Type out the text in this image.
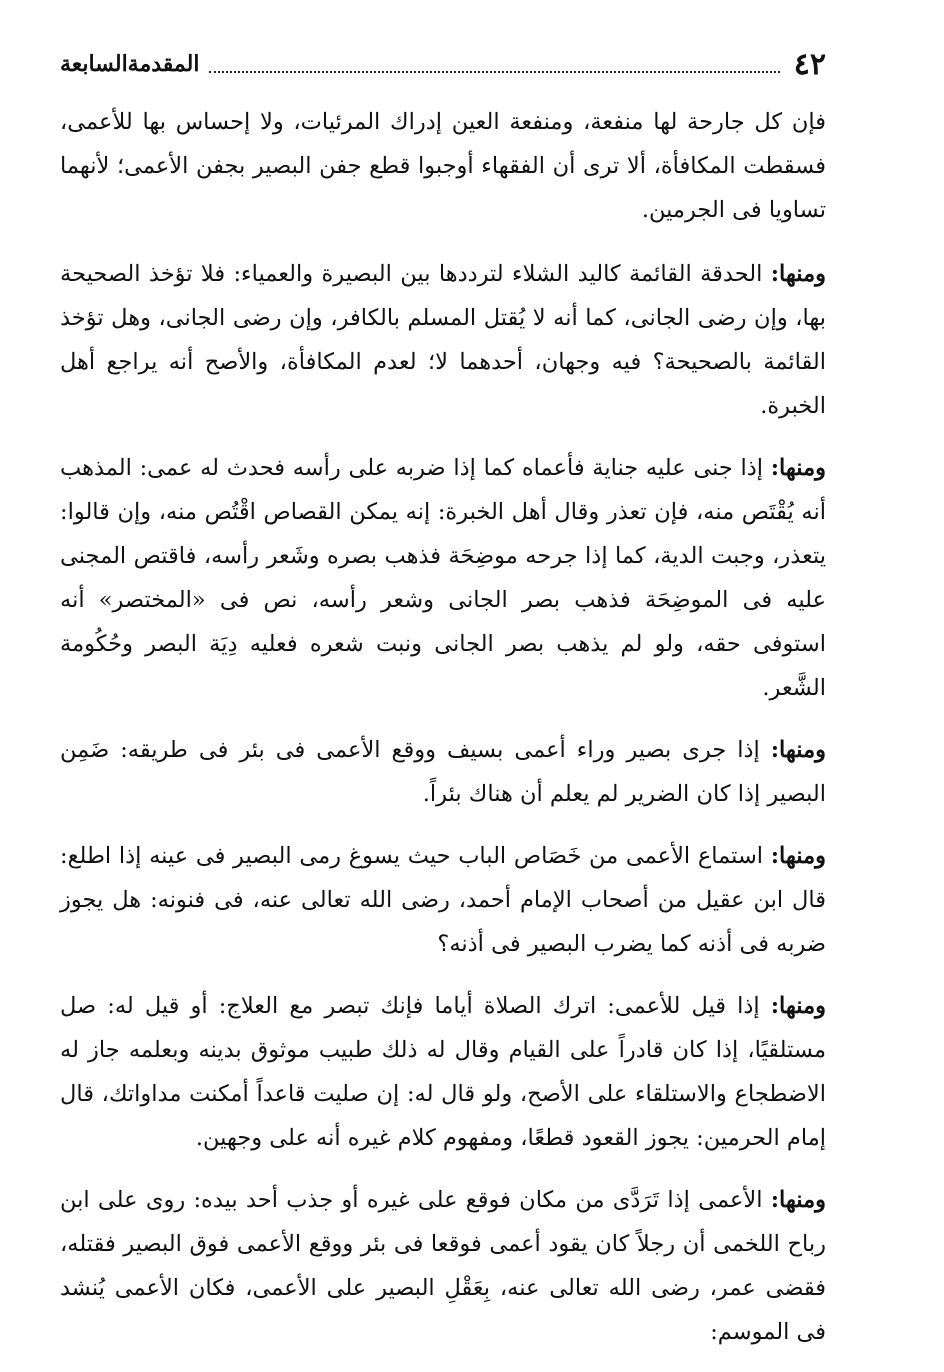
٤٢
المقدمةالسابعة

فإن كل جارحة لها منفعة، ومنفعة العين إدراك المرئيات، ولا إحساس بها للأعمى، فسقطت المكافأة، ألا ترى أن الفقهاء أوجبوا قطع جفن البصير بجفن الأعمى؛ لأنهما تساويا فى الجرمين.

ومنها: الحدقة القائمة كاليد الشلاء لترددها بين البصيرة والعمياء: فلا تؤخذ الصحيحة بها، وإن رضى الجانى، كما أنه لا يُقتل المسلم بالكافر، وإن رضى الجانى، وهل تؤخذ القائمة بالصحيحة؟ فيه وجهان، أحدهما لا؛ لعدم المكافأة، والأصح أنه يراجع أهل الخبرة.

ومنها: إذا جنى عليه جناية فأعماه كما إذا ضربه على رأسه فحدث له عمى: المذهب أنه يُقْتَص منه، فإن تعذر وقال أهل الخبرة: إنه يمكن القصاص اقْتُص منه، وإن قالوا: يتعذر، وجبت الدية، كما إذا جرحه موضِحَة فذهب بصره وشَعر رأسه، فاقتص المجنى عليه فى الموضِحَة فذهب بصر الجانى وشعر رأسه، نص فى «المختصر» أنه استوفى حقه، ولو لم يذهب بصر الجانى ونبت شعره فعليه دِيَة البصر وحُكُومة الشَّعر.

ومنها: إذا جرى بصير وراء أعمى بسيف ووقع الأعمى فى بئر فى طريقه: ضَمِن البصير إذا كان الضرير لم يعلم أن هناك بئراً.

ومنها: استماع الأعمى من خَصَاص الباب حيث يسوغ رمى البصير فى عينه إذا اطلع: قال ابن عقيل من أصحاب الإمام أحمد، رضى الله تعالى عنه، فى فنونه: هل يجوز ضربه فى أذنه كما يضرب البصير فى أذنه؟

ومنها: إذا قيل للأعمى: اترك الصلاة أياما فإنك تبصر مع العلاج: أو قيل له: صل مستلقيًا، إذا كان قادراً على القيام وقال له ذلك طبيب موثوق بدينه وبعلمه جاز له الاضطجاع والاستلقاء على الأصح، ولو قال له: إن صليت قاعداً أمكنت مداواتك، قال إمام الحرمين: يجوز القعود قطعًا، ومفهوم كلام غيره أنه على وجهين.

ومنها: الأعمى إذا تَرَدَّى من مكان فوقع على غيره أو جذب أحد بيده: روى على ابن رباح اللخمى أن رجلاً كان يقود أعمى فوقعا فى بئر ووقع الأعمى فوق البصير فقتله، فقضى عمر، رضى الله تعالى عنه، بِعَقْلِ البصير على الأعمى، فكان الأعمى يُنشد فى الموسم:
